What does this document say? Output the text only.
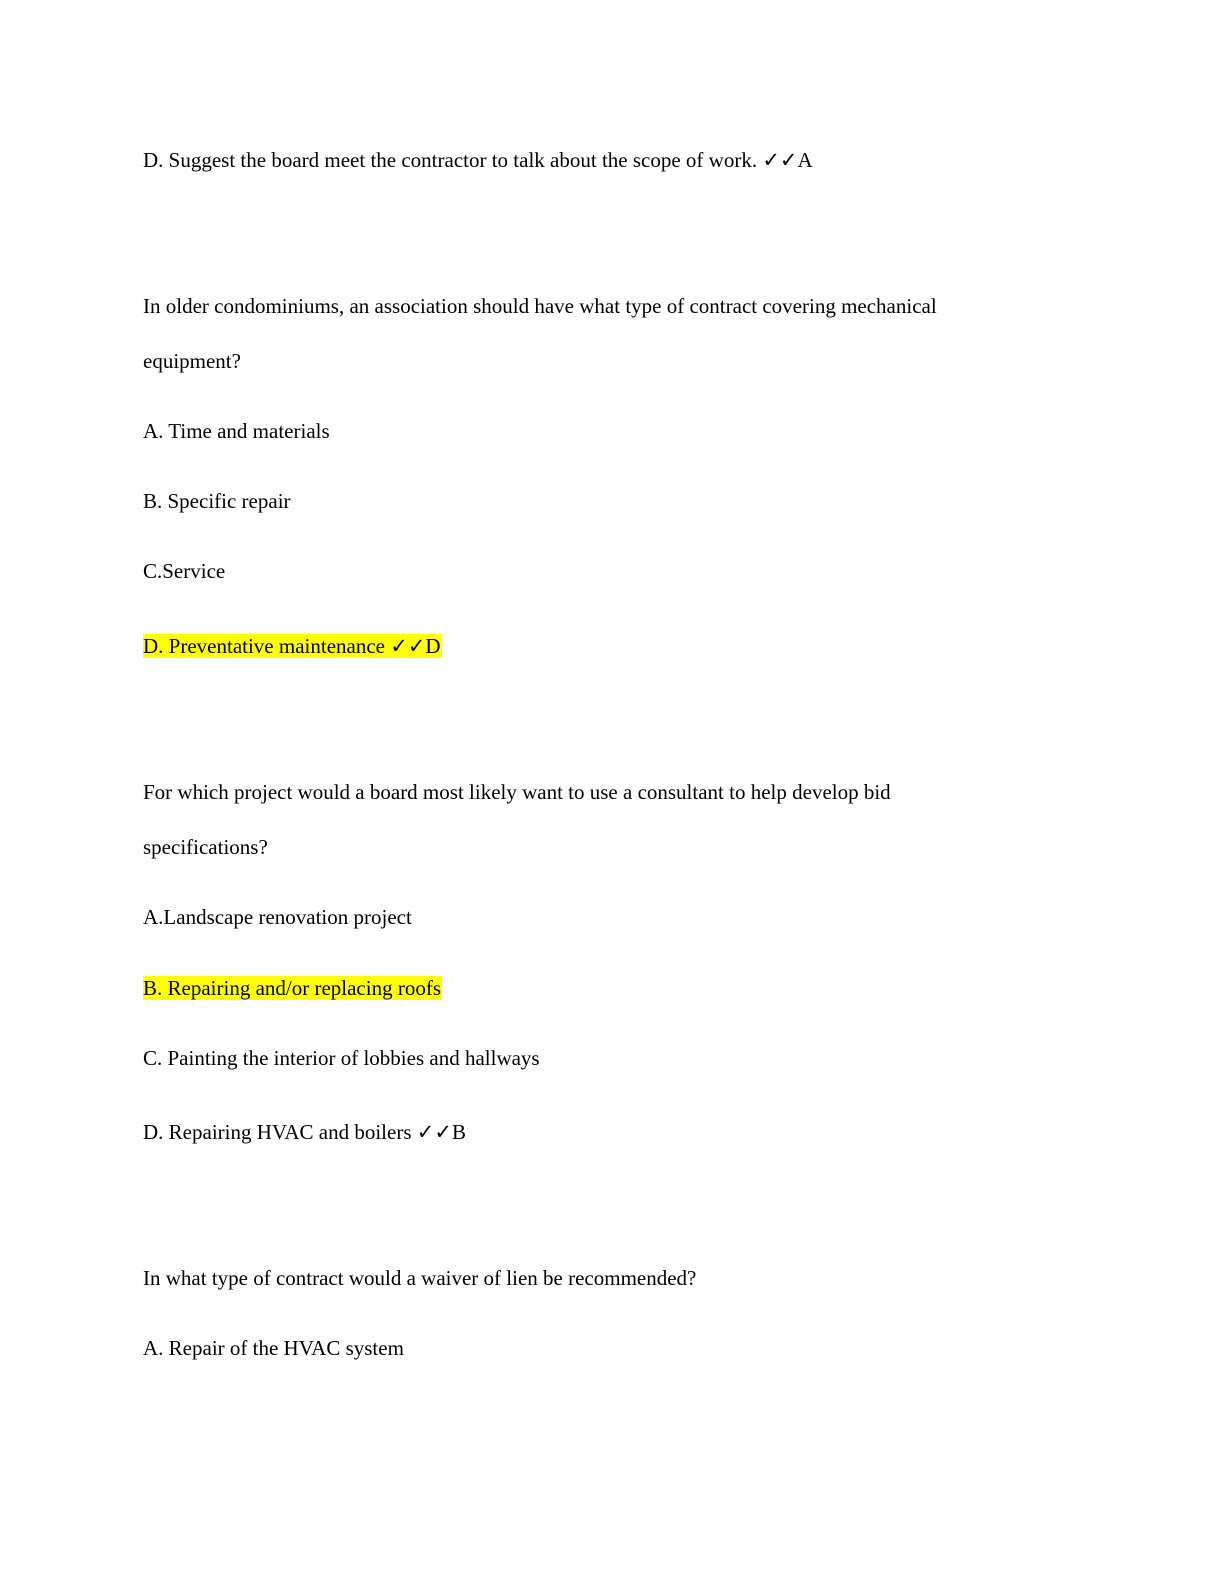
D. Suggest the board meet the contractor to talk about the scope of work. ✓✓A
In older condominiums, an association should have what type of contract covering mechanical
equipment?
A. Time and materials
B. Specific repair
C.Service
D. Preventative maintenance ✓✓D
For which project would a board most likely want to use a consultant to help develop bid
specifications?
A.Landscape renovation project
B. Repairing and/or replacing roofs
C. Painting the interior of lobbies and hallways
D. Repairing HVAC and boilers ✓✓B
In what type of contract would a waiver of lien be recommended?
A. Repair of the HVAC system
